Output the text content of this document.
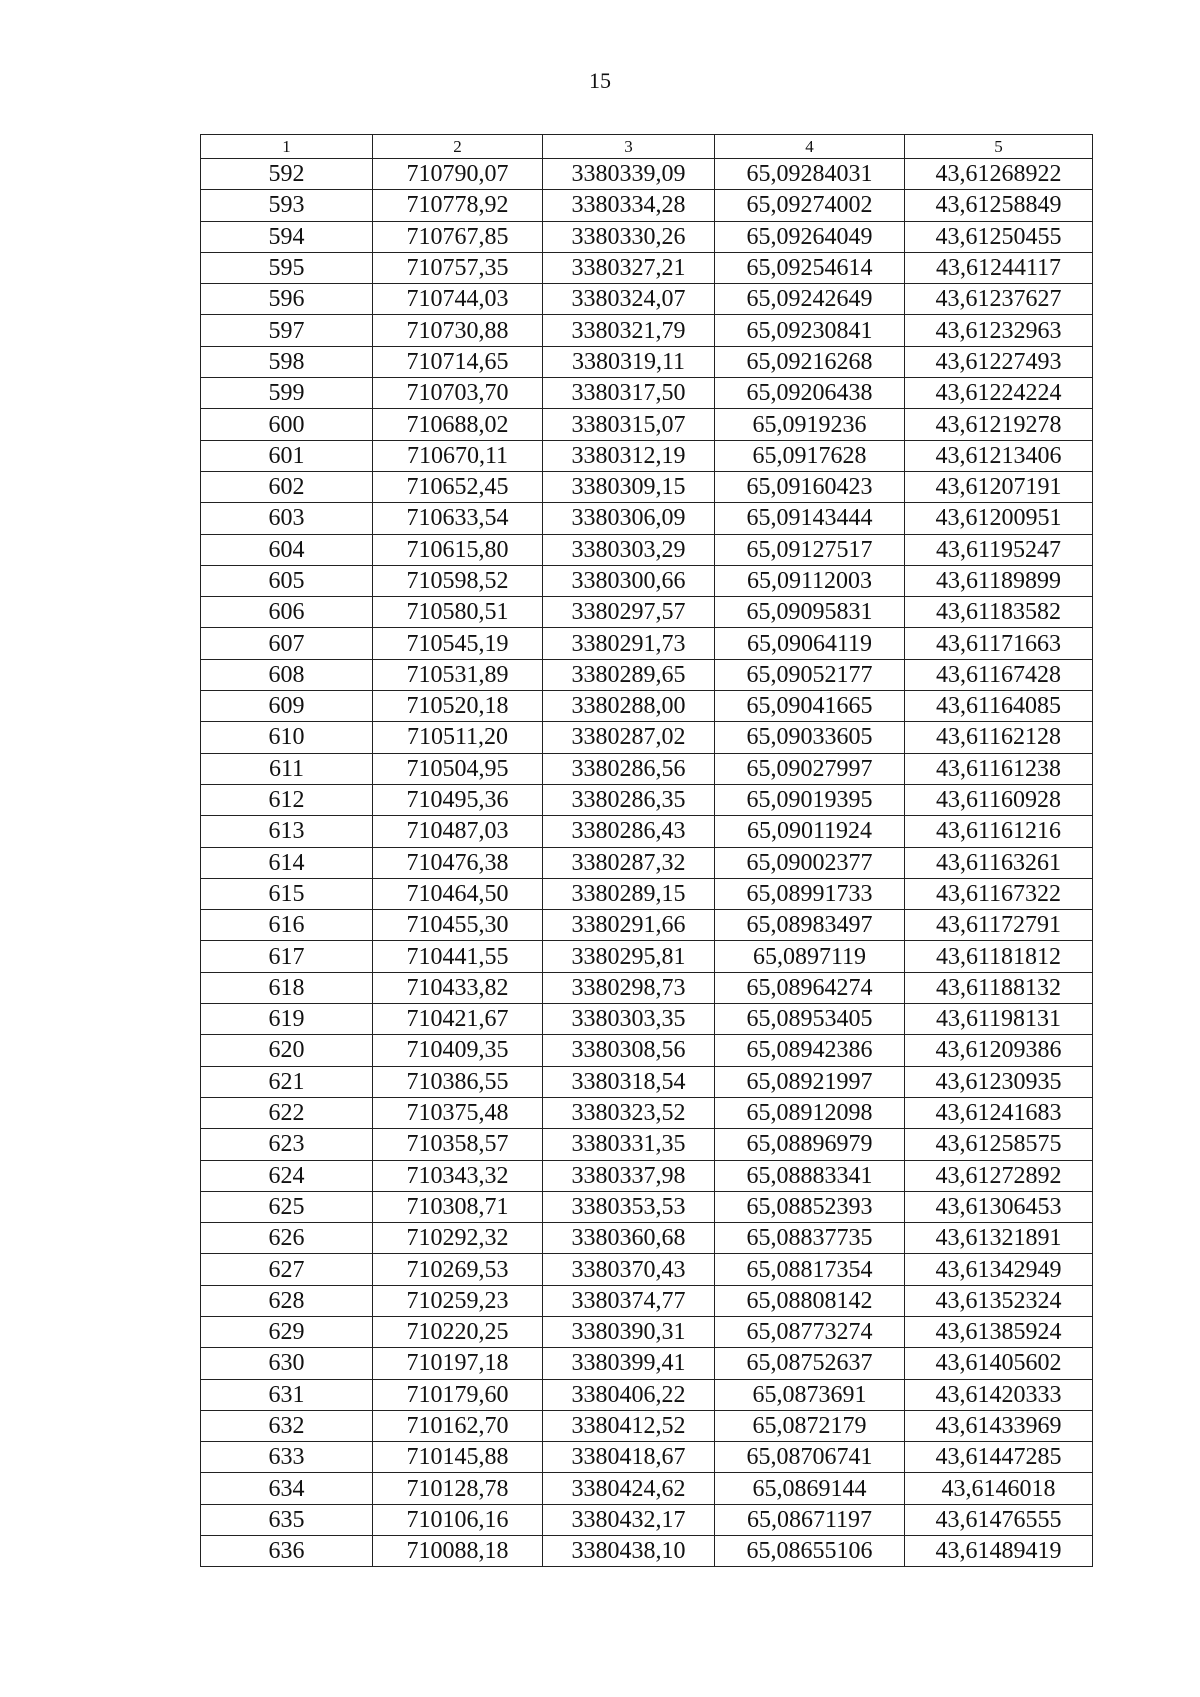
15
1	2	3	4	5
592	710790,07	3380339,09	65,09284031	43,61268922
593	710778,92	3380334,28	65,09274002	43,61258849
594	710767,85	3380330,26	65,09264049	43,61250455
595	710757,35	3380327,21	65,09254614	43,61244117
596	710744,03	3380324,07	65,09242649	43,61237627
597	710730,88	3380321,79	65,09230841	43,61232963
598	710714,65	3380319,11	65,09216268	43,61227493
599	710703,70	3380317,50	65,09206438	43,61224224
600	710688,02	3380315,07	65,0919236	43,61219278
601	710670,11	3380312,19	65,0917628	43,61213406
602	710652,45	3380309,15	65,09160423	43,61207191
603	710633,54	3380306,09	65,09143444	43,61200951
604	710615,80	3380303,29	65,09127517	43,61195247
605	710598,52	3380300,66	65,09112003	43,61189899
606	710580,51	3380297,57	65,09095831	43,61183582
607	710545,19	3380291,73	65,09064119	43,61171663
608	710531,89	3380289,65	65,09052177	43,61167428
609	710520,18	3380288,00	65,09041665	43,61164085
610	710511,20	3380287,02	65,09033605	43,61162128
611	710504,95	3380286,56	65,09027997	43,61161238
612	710495,36	3380286,35	65,09019395	43,61160928
613	710487,03	3380286,43	65,09011924	43,61161216
614	710476,38	3380287,32	65,09002377	43,61163261
615	710464,50	3380289,15	65,08991733	43,61167322
616	710455,30	3380291,66	65,08983497	43,61172791
617	710441,55	3380295,81	65,0897119	43,61181812
618	710433,82	3380298,73	65,08964274	43,61188132
619	710421,67	3380303,35	65,08953405	43,61198131
620	710409,35	3380308,56	65,08942386	43,61209386
621	710386,55	3380318,54	65,08921997	43,61230935
622	710375,48	3380323,52	65,08912098	43,61241683
623	710358,57	3380331,35	65,08896979	43,61258575
624	710343,32	3380337,98	65,08883341	43,61272892
625	710308,71	3380353,53	65,08852393	43,61306453
626	710292,32	3380360,68	65,08837735	43,61321891
627	710269,53	3380370,43	65,08817354	43,61342949
628	710259,23	3380374,77	65,08808142	43,61352324
629	710220,25	3380390,31	65,08773274	43,61385924
630	710197,18	3380399,41	65,08752637	43,61405602
631	710179,60	3380406,22	65,0873691	43,61420333
632	710162,70	3380412,52	65,0872179	43,61433969
633	710145,88	3380418,67	65,08706741	43,61447285
634	710128,78	3380424,62	65,0869144	43,6146018
635	710106,16	3380432,17	65,08671197	43,61476555
636	710088,18	3380438,10	65,08655106	43,61489419
